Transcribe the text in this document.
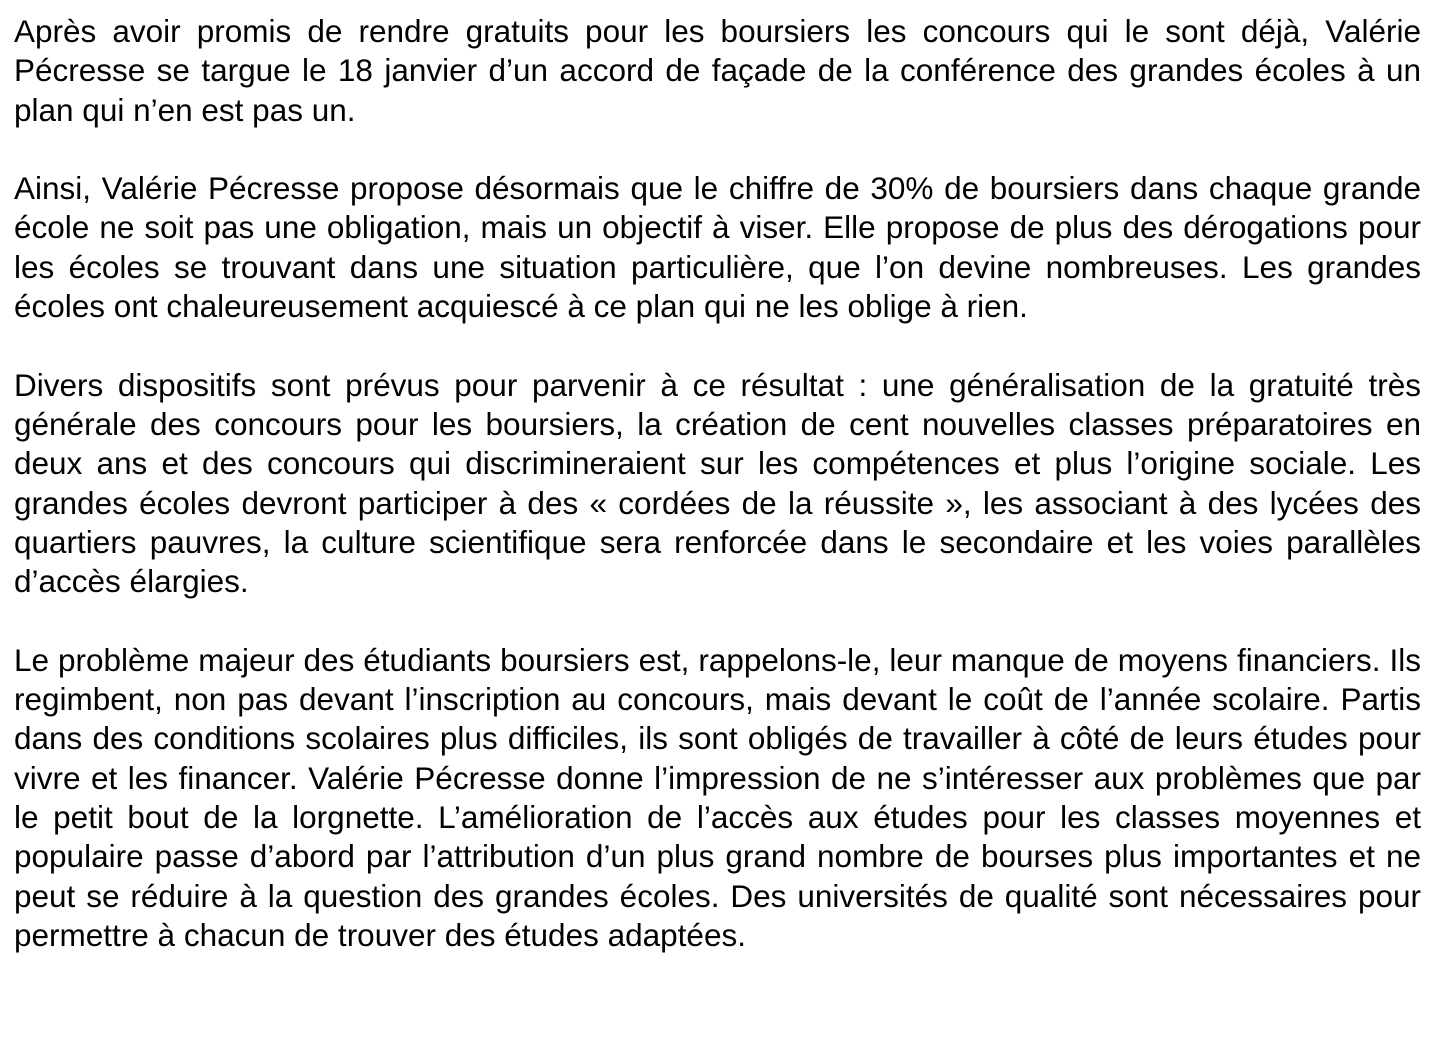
Après avoir promis de rendre gratuits pour les boursiers les concours qui le sont déjà, Valérie Pécresse se targue le 18 janvier d’un accord de façade de la conférence des grandes écoles à un plan qui n’en est pas un.

Ainsi, Valérie Pécresse propose désormais que le chiffre de 30% de boursiers dans chaque grande école ne soit pas une obligation, mais un objectif à viser. Elle propose de plus des dérogations pour les écoles se trouvant dans une situation particulière, que l’on devine nombreuses. Les grandes écoles ont chaleureusement acquiescé à ce plan qui ne les oblige à rien.

Divers dispositifs sont prévus pour parvenir à ce résultat : une généralisation de la gratuité très générale des concours pour les boursiers, la création de cent nouvelles classes préparatoires en deux ans et des concours qui discrimineraient sur les compétences et plus l’origine sociale. Les grandes écoles devront participer à des « cordées de la réussite », les associant à des lycées des quartiers pauvres, la culture scientifique sera renforcée dans le secondaire et les voies parallèles d’accès élargies.

Le problème majeur des étudiants boursiers est, rappelons-le, leur manque de moyens financiers. Ils regimbent, non pas devant l’inscription au concours, mais devant le coût de l’année scolaire. Partis dans des conditions scolaires plus difficiles, ils sont obligés de travailler à côté de leurs études pour vivre et les financer. Valérie Pécresse donne l’impression de ne s’intéresser aux problèmes que par le petit bout de la lorgnette. L’amélioration de l’accès aux études pour les classes moyennes et populaire passe d’abord par l’attribution d’un plus grand nombre de bourses plus importantes et ne peut se réduire à la question des grandes écoles. Des universités de qualité sont nécessaires pour permettre à chacun de trouver des études adaptées.
